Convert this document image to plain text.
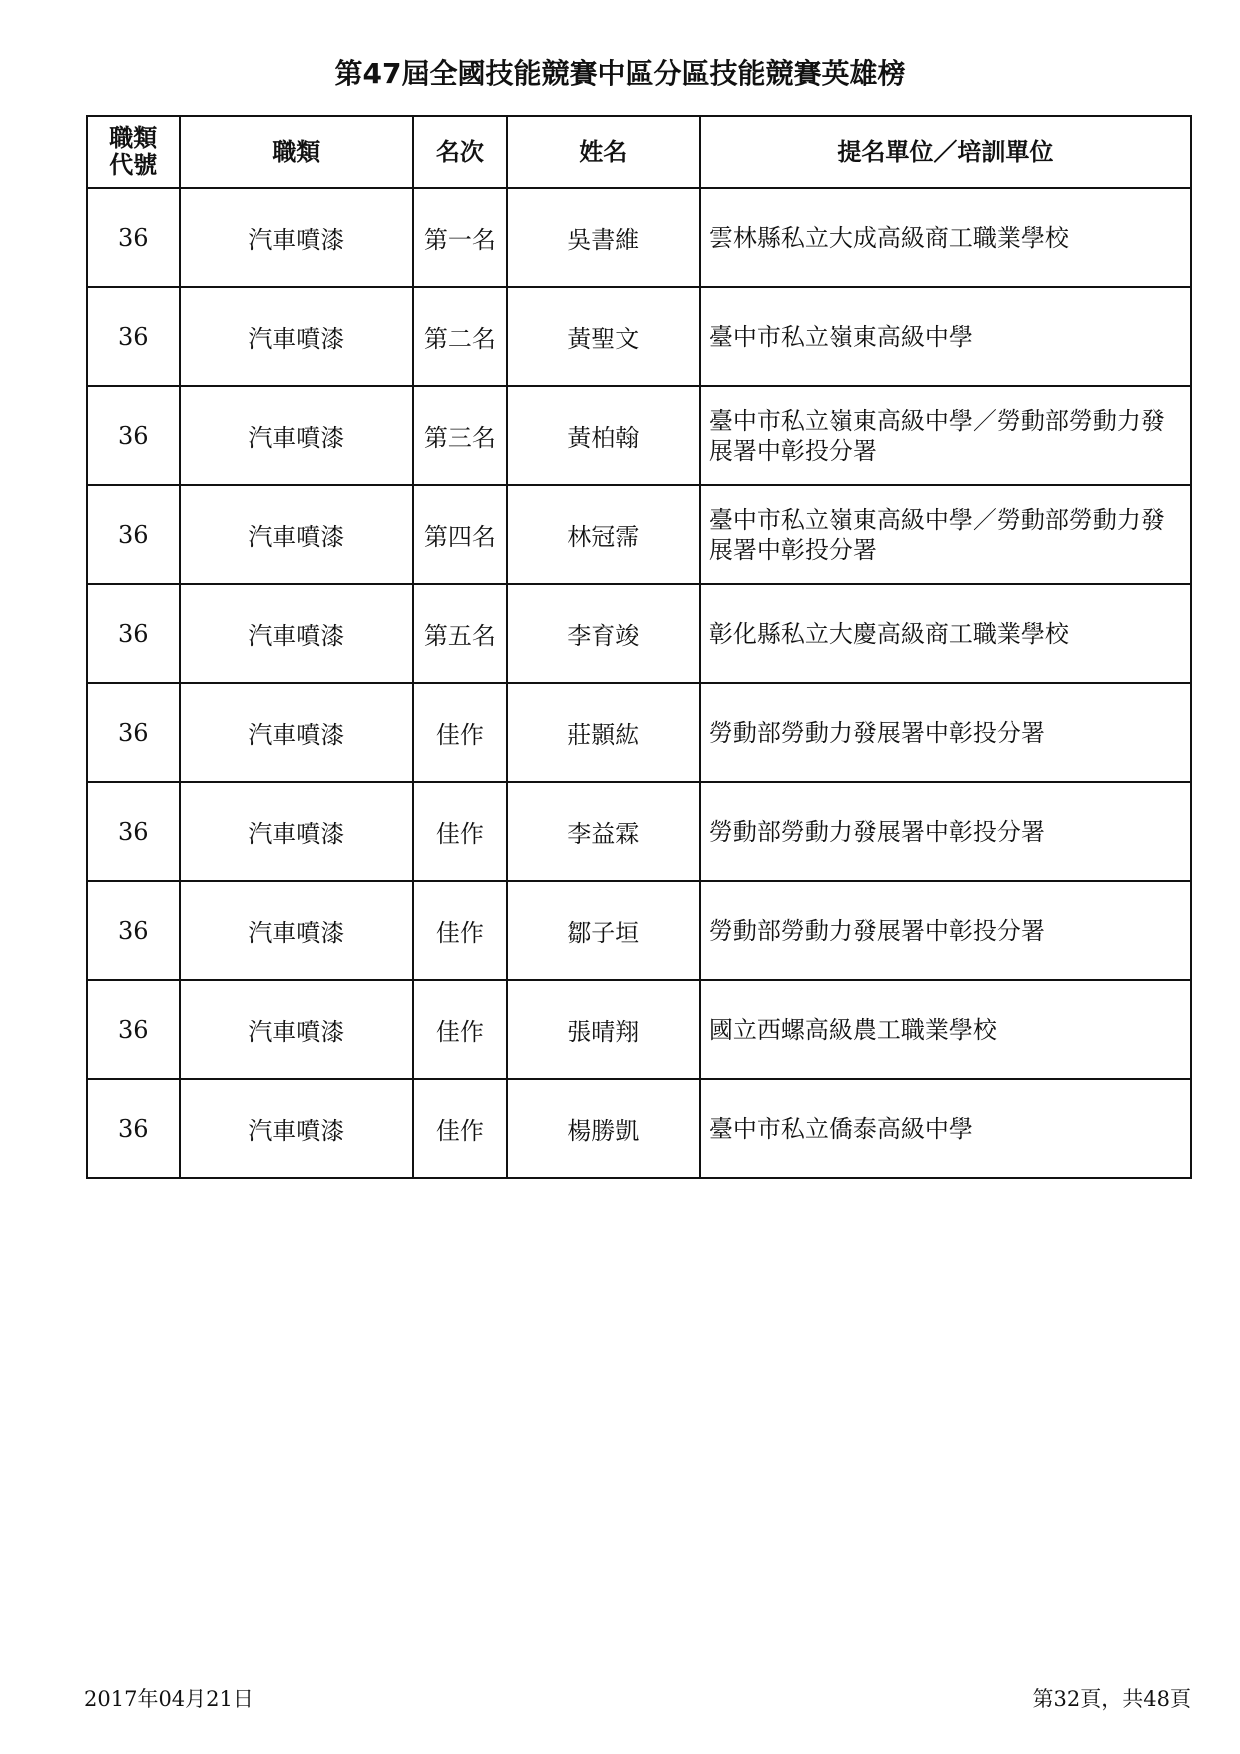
第47屆全國技能競賽中區分區技能競賽英雄榜
職類代號	職類	名次	姓名	提名單位／培訓單位
36	汽車噴漆	第一名	吳書維	雲林縣私立大成高級商工職業學校
36	汽車噴漆	第二名	黃聖文	臺中市私立嶺東高級中學
36	汽車噴漆	第三名	黃柏翰	臺中市私立嶺東高級中學／勞動部勞動力發展署中彰投分署
36	汽車噴漆	第四名	林冠霈	臺中市私立嶺東高級中學／勞動部勞動力發展署中彰投分署
36	汽車噴漆	第五名	李育竣	彰化縣私立大慶高級商工職業學校
36	汽車噴漆	佳作	莊顥紘	勞動部勞動力發展署中彰投分署
36	汽車噴漆	佳作	李益霖	勞動部勞動力發展署中彰投分署
36	汽車噴漆	佳作	鄒子垣	勞動部勞動力發展署中彰投分署
36	汽車噴漆	佳作	張晴翔	國立西螺高級農工職業學校
36	汽車噴漆	佳作	楊勝凱	臺中市私立僑泰高級中學
2017年04月21日	第32頁，共48頁
